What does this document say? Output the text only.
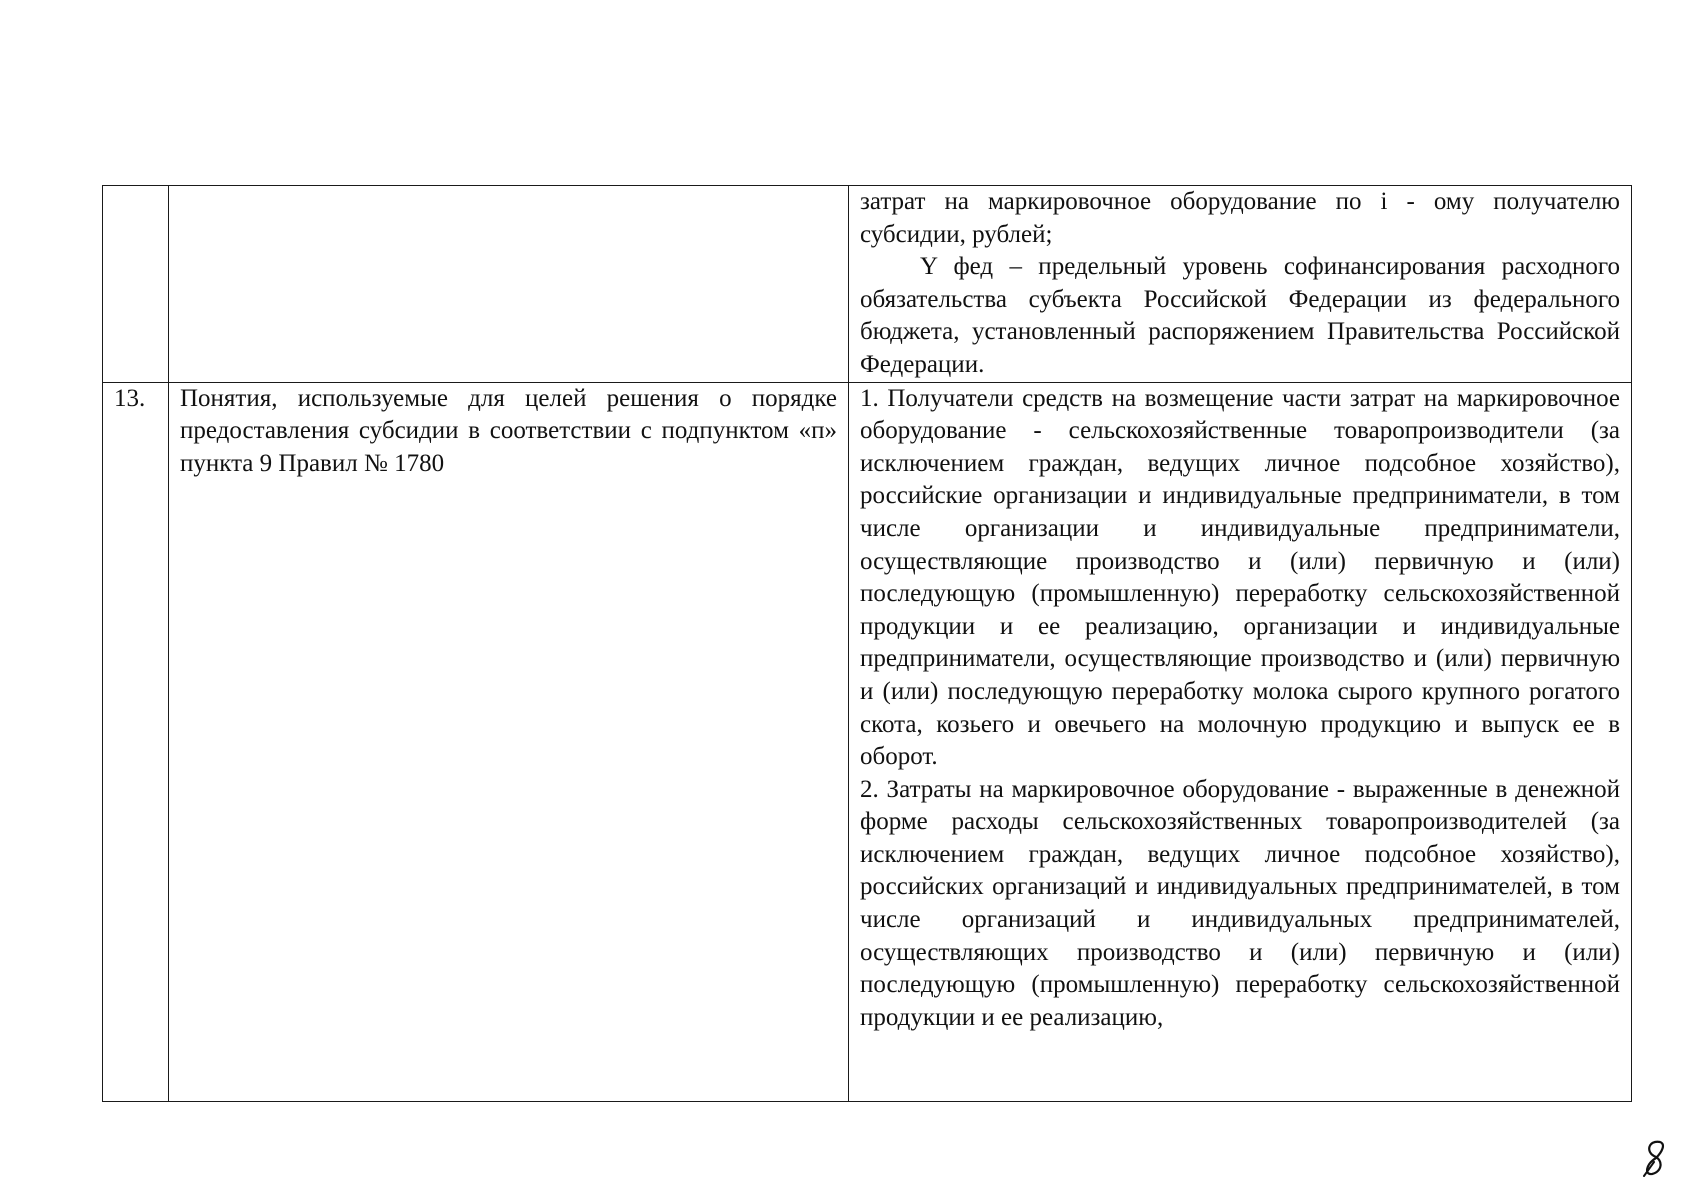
		затрат на маркировочное оборудование по i - ому получателю субсидии, рублей;

Y фед – предельный уровень софинансирования расходного обязательства субъекта Российской Федерации из федерального бюджета, установленный распоряжением Правительства Российской Федерации.

13.	Понятия, используемые для целей решения о порядке предоставления субсидии в соответствии с подпунктом «п» пункта 9 Правил № 1780	1. Получатели средств на возмещение части затрат на маркировочное оборудование - сельскохозяйственные товаропроизводители (за исключением граждан, ведущих личное подсобное хозяйство), российские организации и индивидуальные предприниматели, в том числе организации и индивидуальные предприниматели, осуществляющие производство и (или) первичную и (или) последующую (промышленную) переработку сельскохозяйственной продукции и ее реализацию, организации и индивидуальные предприниматели, осуществляющие производство и (или) первичную и (или) последующую переработку молока сырого крупного рогатого скота, козьего и овечьего на молочную продукцию и выпуск ее в оборот.

2. Затраты на маркировочное оборудование - выраженные в денежной форме расходы сельскохозяйственных товаропроизводителей (за исключением граждан, ведущих личное подсобное хозяйство), российских организаций и индивидуальных предпринимателей, в том числе организаций и индивидуальных предпринимателей, осуществляющих производство и (или) первичную и (или) последующую (промышленную) переработку сельскохозяйственной продукции и ее реализацию,
